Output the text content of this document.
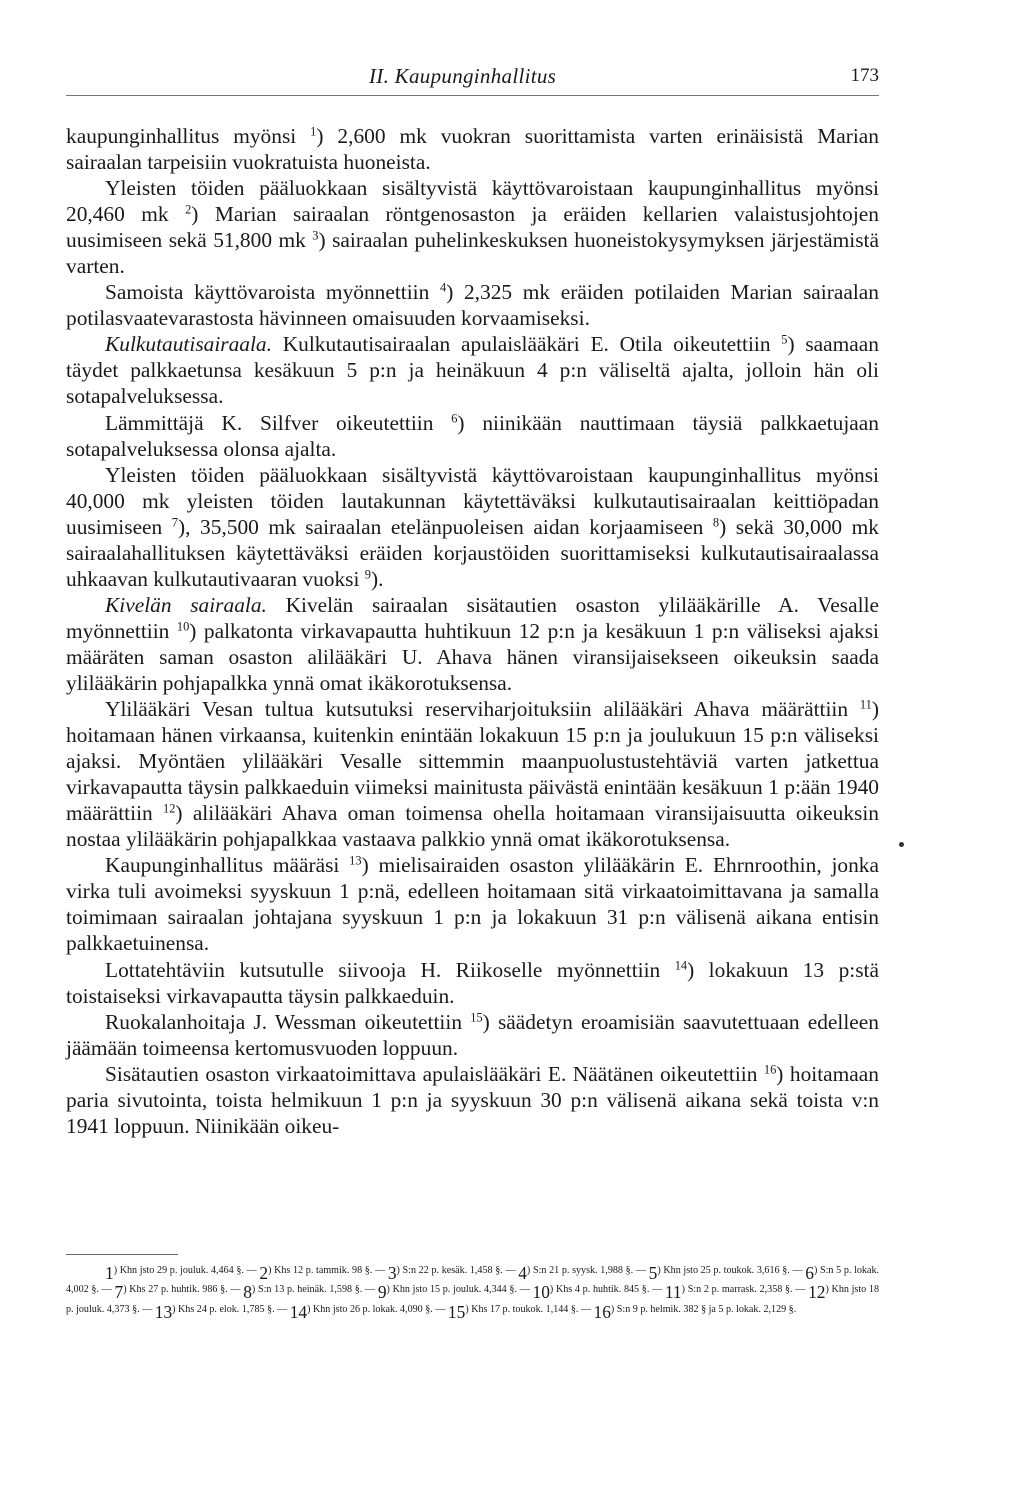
II. Kaupunginhallitus	173

kaupunginhallitus myönsi $^1$) 2,600 mk vuokran suorittamista varten erinäisistä Marian sairaalan tarpeisiin vuokratuista huoneista.

Yleisten töiden pääluokkaan sisältyvistä käyttövaroistaan kaupunginhallitus myönsi 20,460 mk $^2$) Marian sairaalan röntgenosaston ja eräiden kellarien valaistusjohtojen uusimiseen sekä 51,800 mk $^3$) sairaalan puhelinkeskuksen huoneistokysymyksen järjestämistä varten.

Samoista käyttövaroista myönnettiin $^4$) 2,325 mk eräiden potilaiden Marian sairaalan potilasvaatevarastosta hävinneen omaisuuden korvaamiseksi.

Kulkutautisairaala. Kulkutautisairaalan apulaislääkäri E. Otila oikeutettiin $^5$) saamaan täydet palkkaetunsa kesäkuun 5 p:n ja heinäkuun 4 p:n väliseltä ajalta, jolloin hän oli sotapalveluksessa.

Lämmittäjä K. Silfver oikeutettiin $^6$) niinikään nauttimaan täysiä palkkaetujaan sotapalveluksessa olonsa ajalta.

Yleisten töiden pääluokkaan sisältyvistä käyttövaroistaan kaupunginhallitus myönsi 40,000 mk yleisten töiden lautakunnan käytettäväksi kulkutautisairaalan keittiöpadan uusimiseen $^7$), 35,500 mk sairaalan etelänpuoleisen aidan korjaamiseen $^8$) sekä 30,000 mk sairaalahallituksen käytettäväksi eräiden korjaustöiden suorittamiseksi kulkutautisairaalassa uhkaavan kulkutautivaaran vuoksi $^9$).

Kivelän sairaala. Kivelän sairaalan sisätautien osaston ylilääkärille A. Vesalle myönnettiin $^{10}$) palkatonta virkavapautta huhtikuun 12 p:n ja kesäkuun 1 p:n väliseksi ajaksi määräten saman osaston alilääkäri U. Ahava hänen viransijaisekseen oikeuksin saada ylilääkärin pohjapalkka ynnä omat ikäkorotuksensa.

Ylilääkäri Vesan tultua kutsutuksi reserviharjoituksiin alilääkäri Ahava määrättiin $^{11}$) hoitamaan hänen virkaansa, kuitenkin enintään lokakuun 15 p:n ja joulukuun 15 p:n väliseksi ajaksi. Myöntäen ylilääkäri Vesalle sittemmin maanpuolustustehtäviä varten jatkettua virkavapautta täysin palkkaeduin viimeksi mainitusta päivästä enintään kesäkuun 1 p:ään 1940 määrättiin $^{12}$) alilääkäri Ahava oman toimensa ohella hoitamaan viransijaisuutta oikeuksin nostaa ylilääkärin pohjapalkkaa vastaava palkkio ynnä omat ikäkorotuksensa.

Kaupunginhallitus määräsi $^{13}$) mielisairaiden osaston ylilääkärin E. Ehrnroothin, jonka virka tuli avoimeksi syyskuun 1 p:nä, edelleen hoitamaan sitä virkaatoimittavana ja samalla toimimaan sairaalan johtajana syyskuun 1 p:n ja lokakuun 31 p:n välisenä aikana entisin palkkaetuinensa.

Lottatehtäviin kutsutulle siivooja H. Riikoselle myönnettiin $^{14}$) lokakuun 13 p:stä toistaiseksi virkavapautta täysin palkkaeduin.

Ruokalanhoitaja J. Wessman oikeutettiin $^{15}$) säädetyn eroamisiän saavutettuaan edelleen jäämään toimeensa kertomusvuoden loppuun.

Sisätautien osaston virkaatoimittava apulaislääkäri E. Näätänen oikeutettiin $^{16}$) hoitamaan paria sivutointa, toista helmikuun 1 p:n ja syyskuun 30 p:n välisenä aikana sekä toista v:n 1941 loppuun. Niinikään oikeu-

$1^{) Khn jsto 29 p. jouluk. 4,464 \S. —}$ $2^{) Khs 12 p. tammik. 98 \S. —}$ $3^{) S:n 22 p. kesäk. 1,458 \S. —}$ $4^{) S:n 21 p. syysk. 1,988 \S. —}$ $5^{) Khn jsto 25 p. toukok. 3,616 \S. —}$ $6^{) S:n 5 p. lokak. 4,002 \S. —}$ $7^{) Khs 27 p. huhtik. 986 \S. —}$ $8^{) S:n 13 p. heinäk. 1,598 \S. —}$ $9^{) Khn jsto 15 p. jouluk. 4,344 \S. —}$ $10^{) Khs 4 p. huhtik. 845 \S. —}$ $11^{) S:n 2 p. marrask. 2,358 \S. —}$ $12^{) Khn jsto 18 p. jouluk. 4,373 \S. —}$ $13^{) Khs 24 p. elok. 1,785 \S. —}$ $14^{) Khn jsto 26 p. lokak. 4,090 \S. —}$ $15^{) Khs 17 p. toukok. 1,144 \S. —}$ $16^{) S:n 9 p. helmik. 382 \S ja 5 p. lokak. 2,129 \S.}$
